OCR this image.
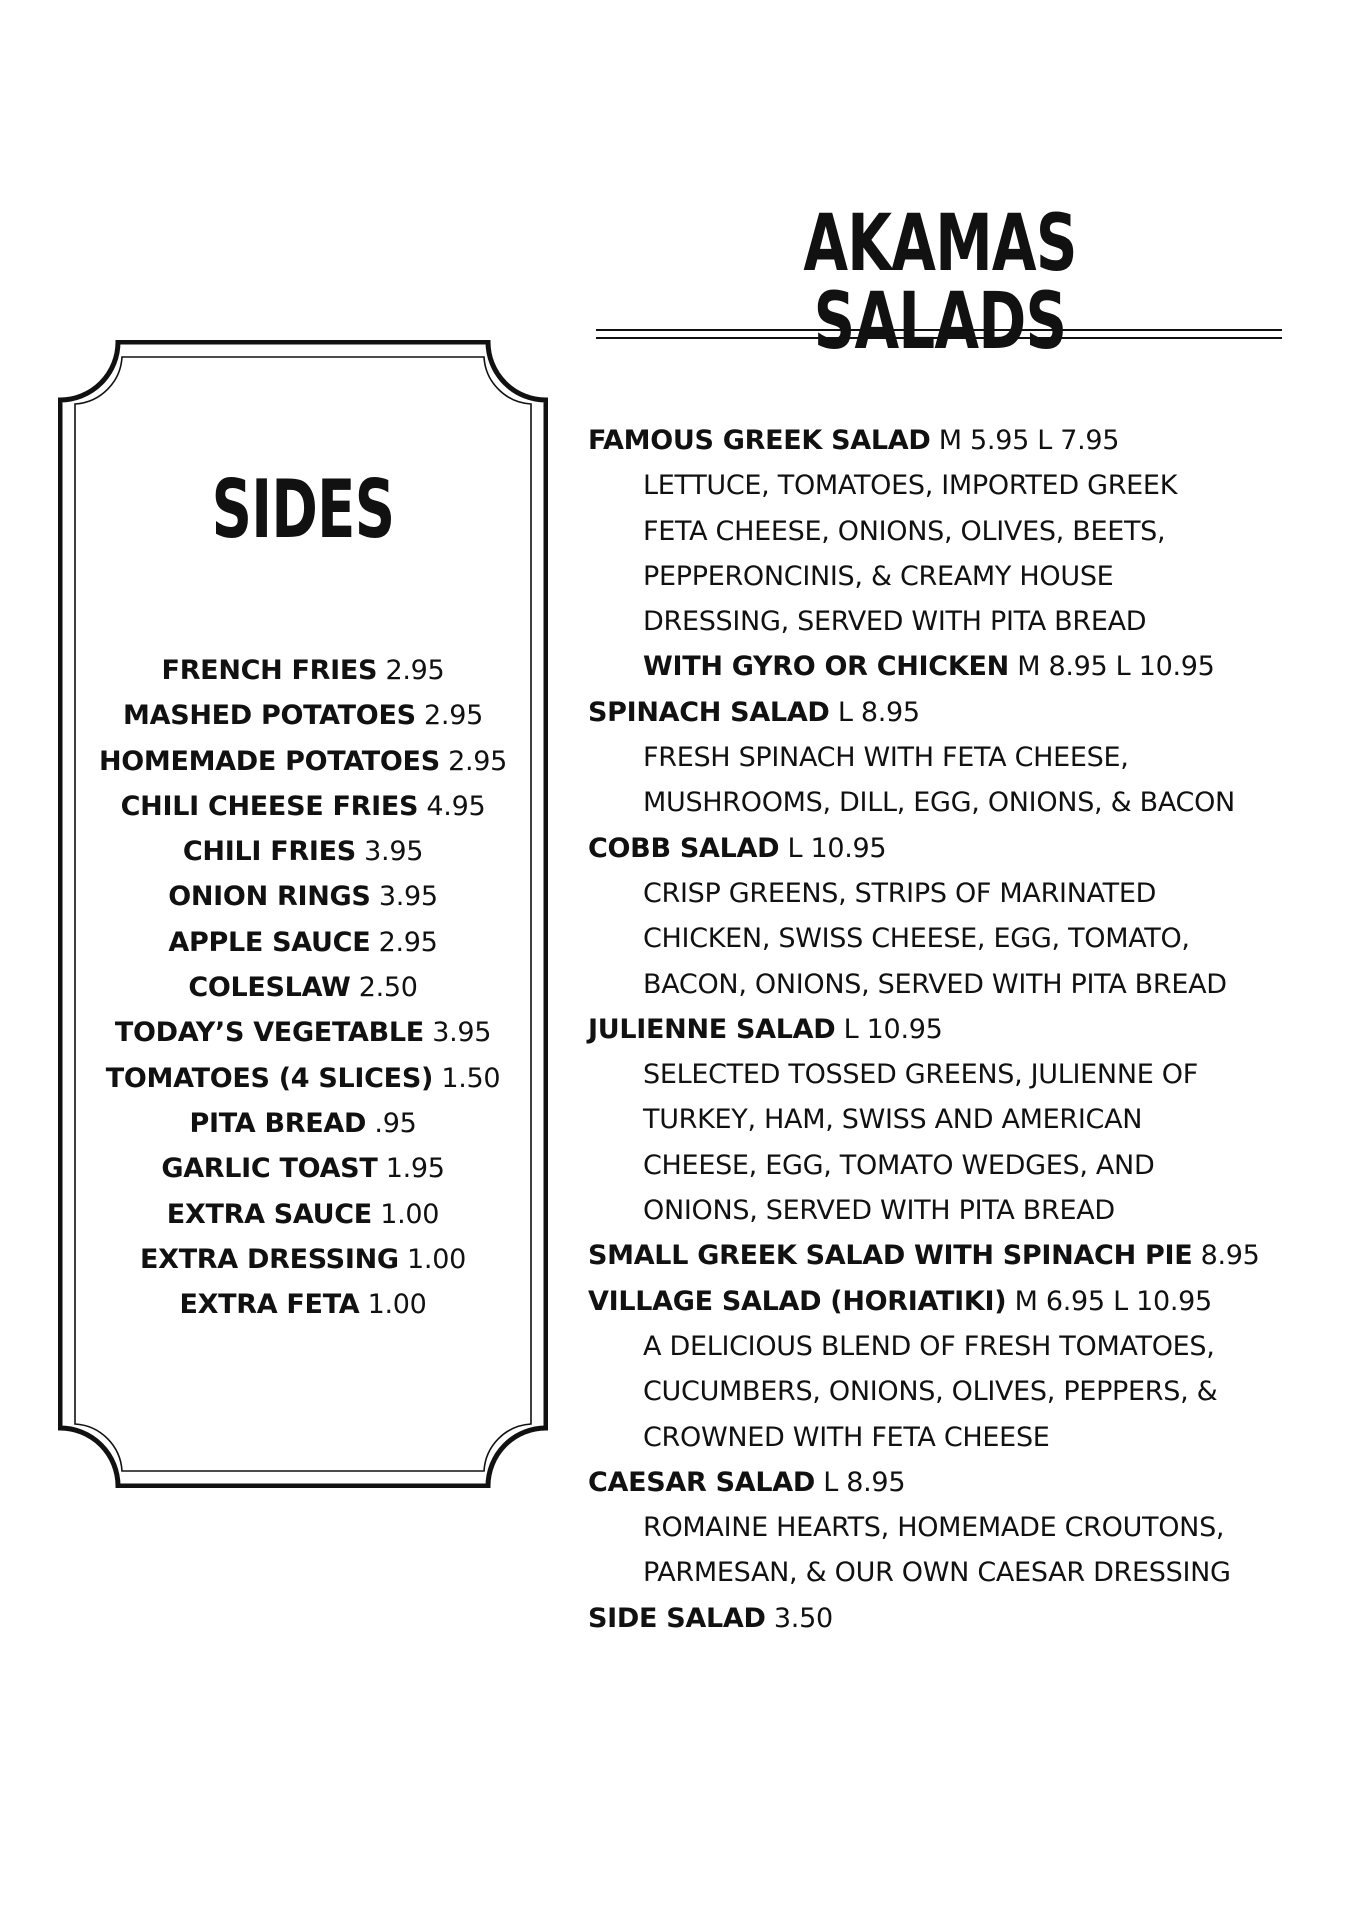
AKAMAS SALADS
SIDES
FRENCH FRIES 2.95
MASHED POTATOES 2.95
HOMEMADE POTATOES 2.95
CHILI CHEESE FRIES 4.95
CHILI FRIES 3.95
ONION RINGS 3.95
APPLE SAUCE 2.95
COLESLAW 2.50
TODAY’S VEGETABLE 3.95
TOMATOES (4 SLICES) 1.50
PITA BREAD .95
GARLIC TOAST 1.95
EXTRA SAUCE 1.00
EXTRA DRESSING 1.00
EXTRA FETA 1.00
FAMOUS GREEK SALAD M 5.95 L 7.95
LETTUCE, TOMATOES, IMPORTED GREEK
FETA CHEESE, ONIONS, OLIVES, BEETS,
PEPPERONCINIS, & CREAMY HOUSE
DRESSING, SERVED WITH PITA BREAD
WITH GYRO OR CHICKEN M 8.95 L 10.95
SPINACH SALAD L 8.95
FRESH SPINACH WITH FETA CHEESE,
MUSHROOMS, DILL, EGG, ONIONS, & BACON
COBB SALAD L 10.95
CRISP GREENS, STRIPS OF MARINATED
CHICKEN, SWISS CHEESE, EGG, TOMATO,
BACON, ONIONS, SERVED WITH PITA BREAD
JULIENNE SALAD L 10.95
SELECTED TOSSED GREENS, JULIENNE OF
TURKEY, HAM, SWISS AND AMERICAN
CHEESE, EGG, TOMATO WEDGES, AND
ONIONS, SERVED WITH PITA BREAD
SMALL GREEK SALAD WITH SPINACH PIE 8.95
VILLAGE SALAD (HORIATIKI) M 6.95 L 10.95
A DELICIOUS BLEND OF FRESH TOMATOES,
CUCUMBERS, ONIONS, OLIVES, PEPPERS, &
CROWNED WITH FETA CHEESE
CAESAR SALAD L 8.95
ROMAINE HEARTS, HOMEMADE CROUTONS,
PARMESAN, & OUR OWN CAESAR DRESSING
SIDE SALAD 3.50
